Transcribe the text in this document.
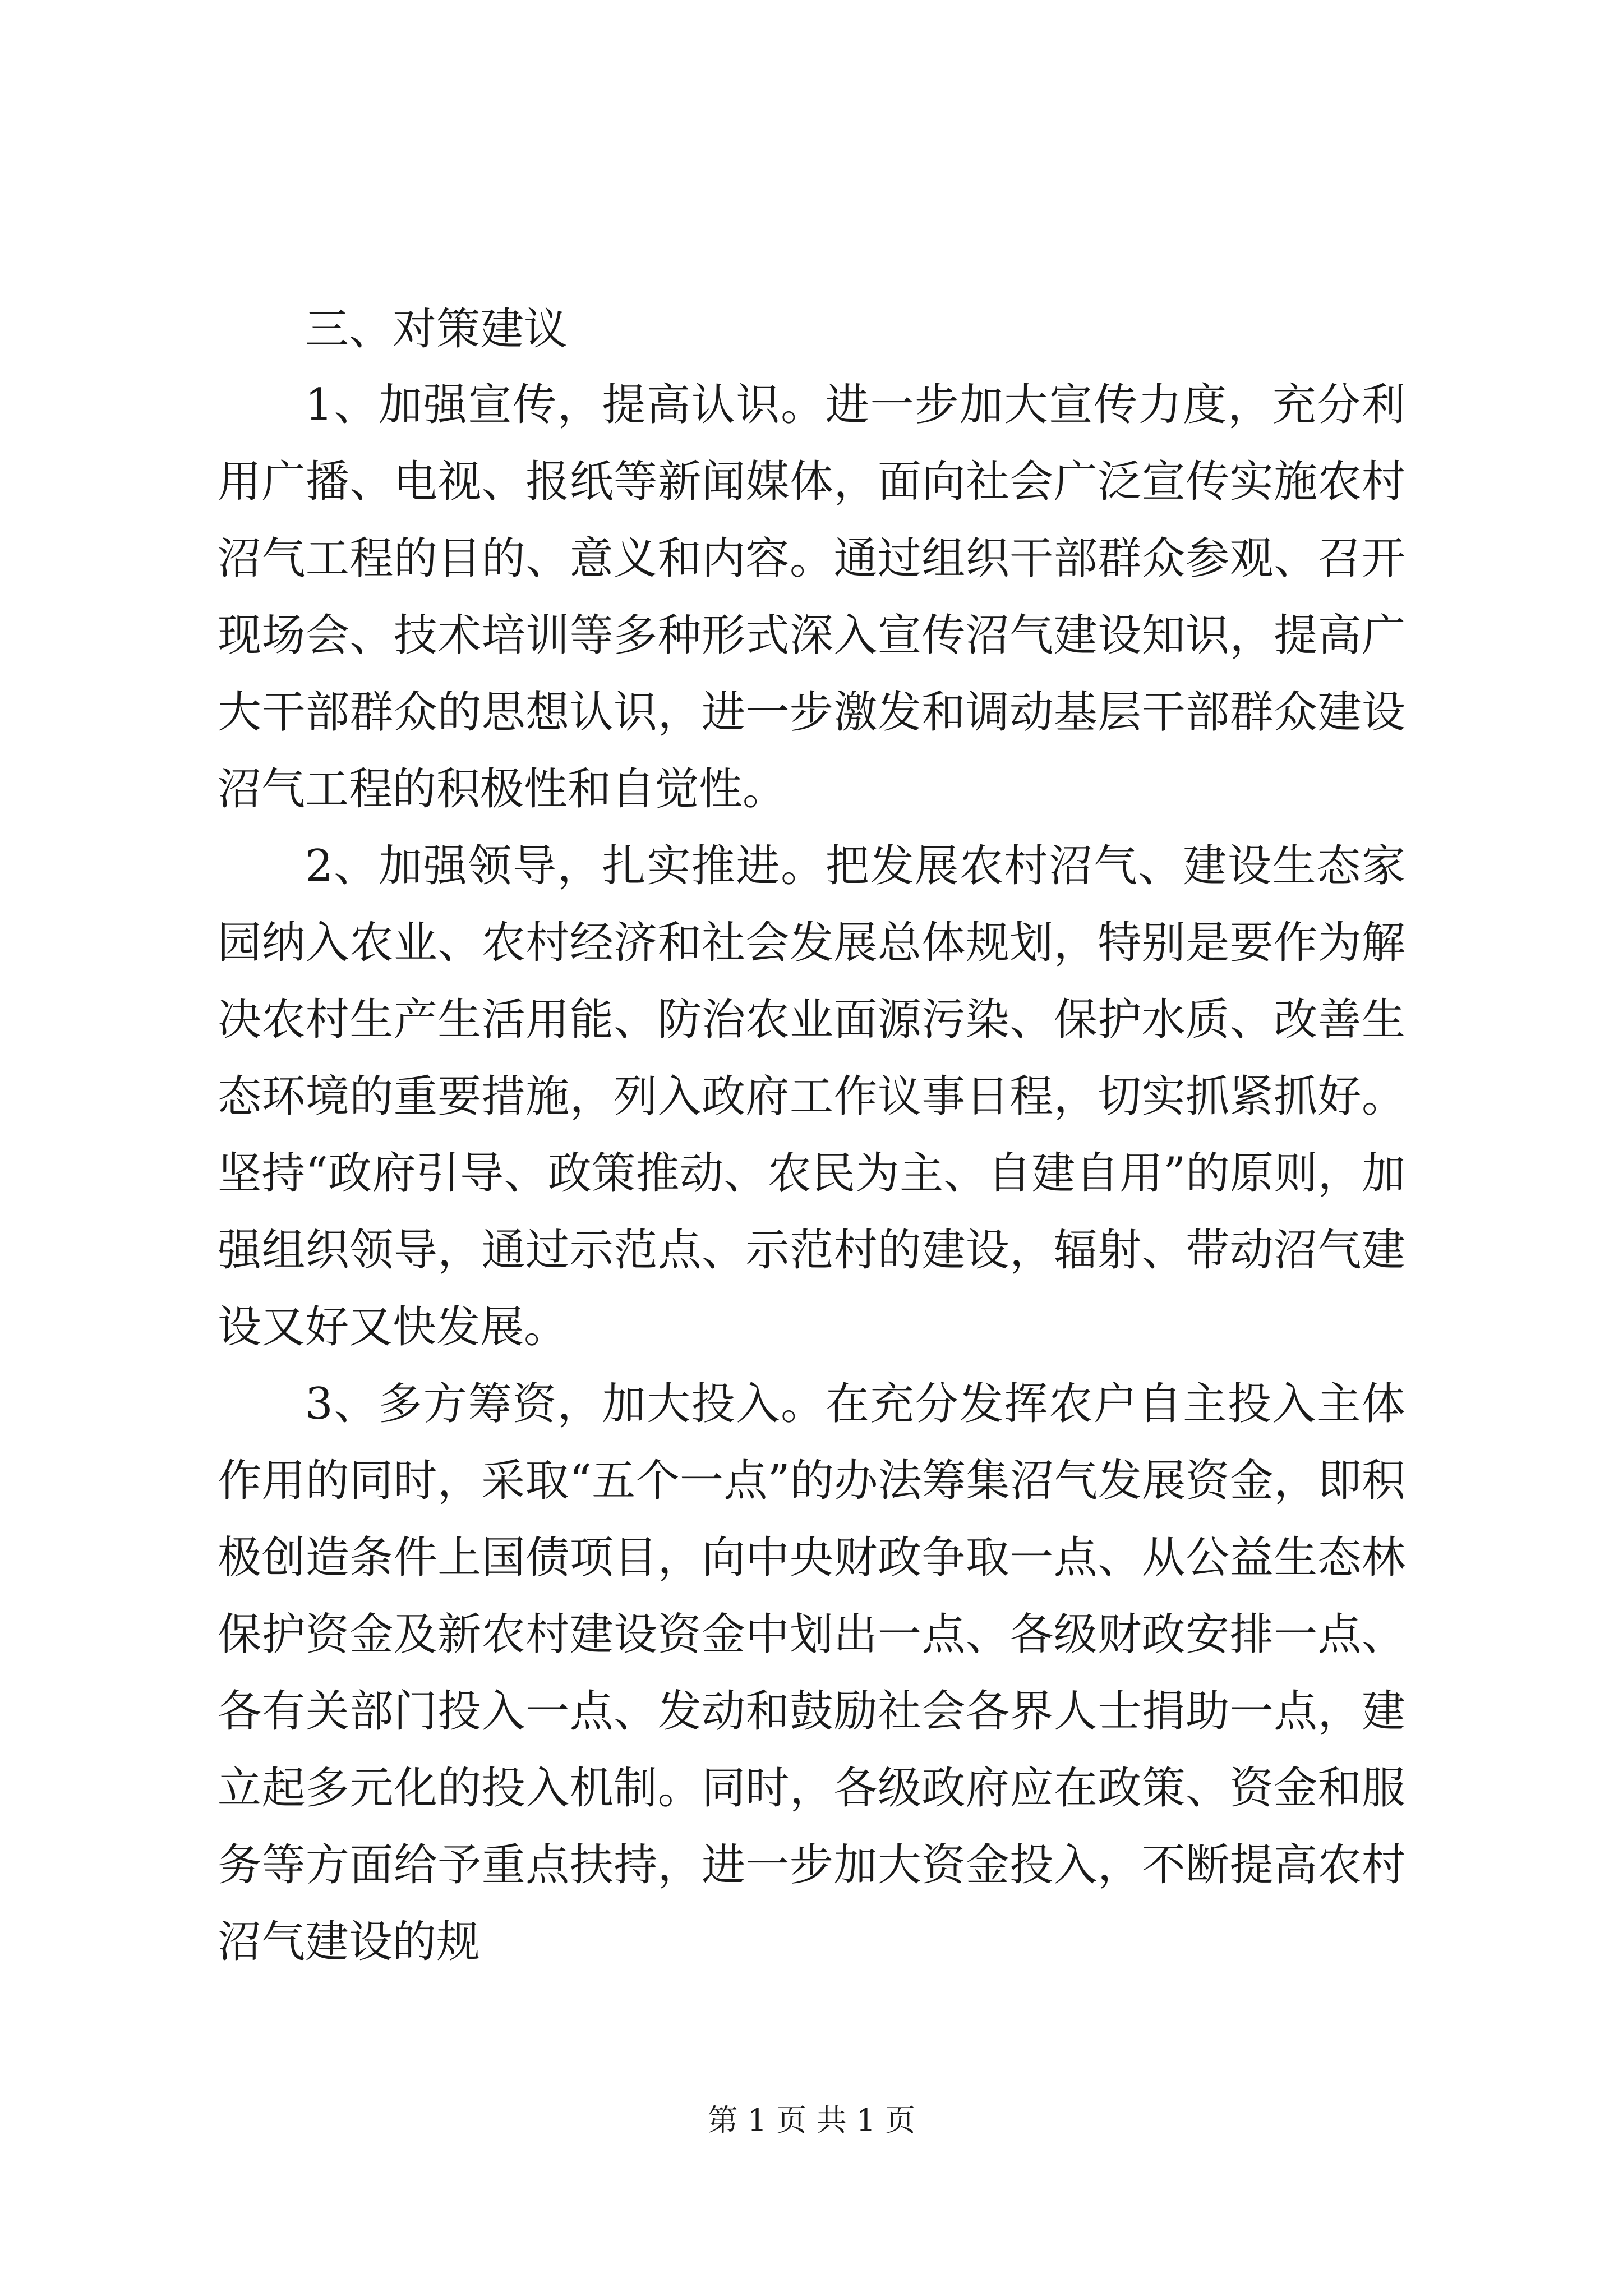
三、对策建议

1、加强宣传，提高认识。进一步加大宣传力度，充分利用广播、电视、报纸等新闻媒体，面向社会广泛宣传实施农村沼气工程的目的、意义和内容。通过组织干部群众参观、召开现场会、技术培训等多种形式深入宣传沼气建设知识，提高广大干部群众的思想认识，进一步激发和调动基层干部群众建设沼气工程的积极性和自觉性。

2、加强领导，扎实推进。把发展农村沼气、建设生态家园纳入农业、农村经济和社会发展总体规划，特别是要作为解决农村生产生活用能、防治农业面源污染、保护水质、改善生态环境的重要措施，列入政府工作议事日程，切实抓紧抓好。坚持“政府引导、政策推动、农民为主、自建自用”的原则，加强组织领导，通过示范点、示范村的建设，辐射、带动沼气建设又好又快发展。

3、多方筹资，加大投入。在充分发挥农户自主投入主体作用的同时，采取“五个一点”的办法筹集沼气发展资金，即积极创造条件上国债项目，向中央财政争取一点、从公益生态林保护资金及新农村建设资金中划出一点、各级财政安排一点、各有关部门投入一点、发动和鼓励社会各界人士捐助一点，建立起多元化的投入机制。同时，各级政府应在政策、资金和服务等方面给予重点扶持，进一步加大资金投入，不断提高农村沼气建设的规

第 1 页 共 1 页
